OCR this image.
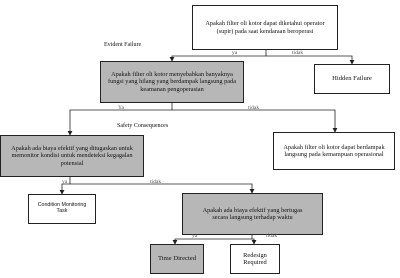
Evident Failure
Apakah filter oli kotor dapat diketahui operator (supir) pada saat kendaraan beroperasi
ya	tidak
Apakah filter oli kotor menyebabkan banyaknya fungsi yang hilang yang berdampak langsung pada keamanan pengoperasian
Hidden Failure
Ya	tidak
Safety Consequences
Apakah ada biaya efektif yang ditugaskan untuk memonitor kondisi untuk mendeteksi kegagalan potensial
Apakah filter oli kotor dapat berdampak langsung pada kemampuan operasional
ya	tidak
Condition Monitoring Task	Apakah ada biaya efektif yang bertugas secara langsung terhadap waktu
ya	tidak
Time Directed	Redesign Required
